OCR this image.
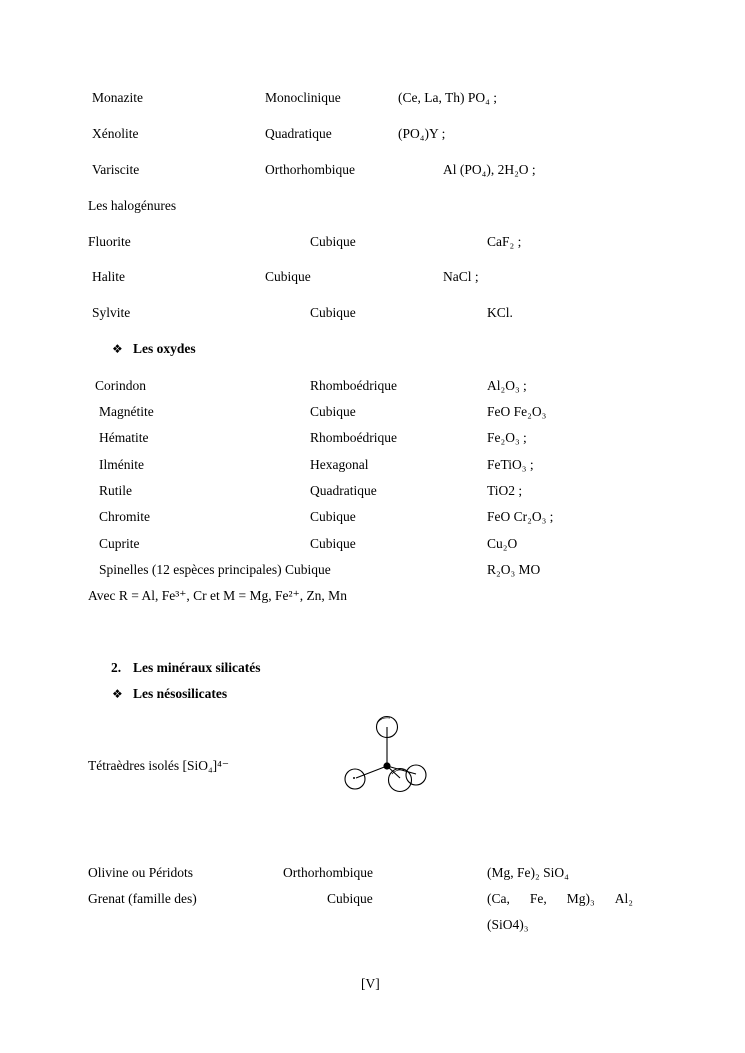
Monazite	Monoclinique	(Ce, La, Th) PO₄ ;
Xénolite	Quadratique	(PO₄)Y ;
Variscite	Orthorhombique	Al (PO₄), 2H₂O ;
Les halogénures
Fluorite	Cubique	CaF₂ ;
Halite	Cubique	NaCl ;
Sylvite	Cubique	KCl.
❖ Les oxydes
Corindon	Rhomboédrique	Al₂O₃ ;
Magnétite	Cubique	FeO Fe₂O₃
Hématite	Rhomboédrique	Fe₂O₃ ;
Ilménite	Hexagonal	FeTiO₃ ;
Rutile	Quadratique	TiO2 ;
Chromite	Cubique	FeO Cr₂O₃ ;
Cuprite	Cubique	Cu₂O
Spinelles (12 espèces principales) Cubique	R₂O₃ MO
Avec R = Al, Fe³⁺, Cr et M = Mg, Fe²⁺, Zn, Mn
2. Les minéraux silicatés
❖ Les nésosilicates
Tétraèdres isolés [SiO₄]⁴⁻
Olivine ou Péridots	Orthorhombique	(Mg, Fe)₂ SiO₄
Grenat (famille des)	Cubique	(Ca, Fe, Mg)₃ Al₂
(SiO4)₃
[V]
